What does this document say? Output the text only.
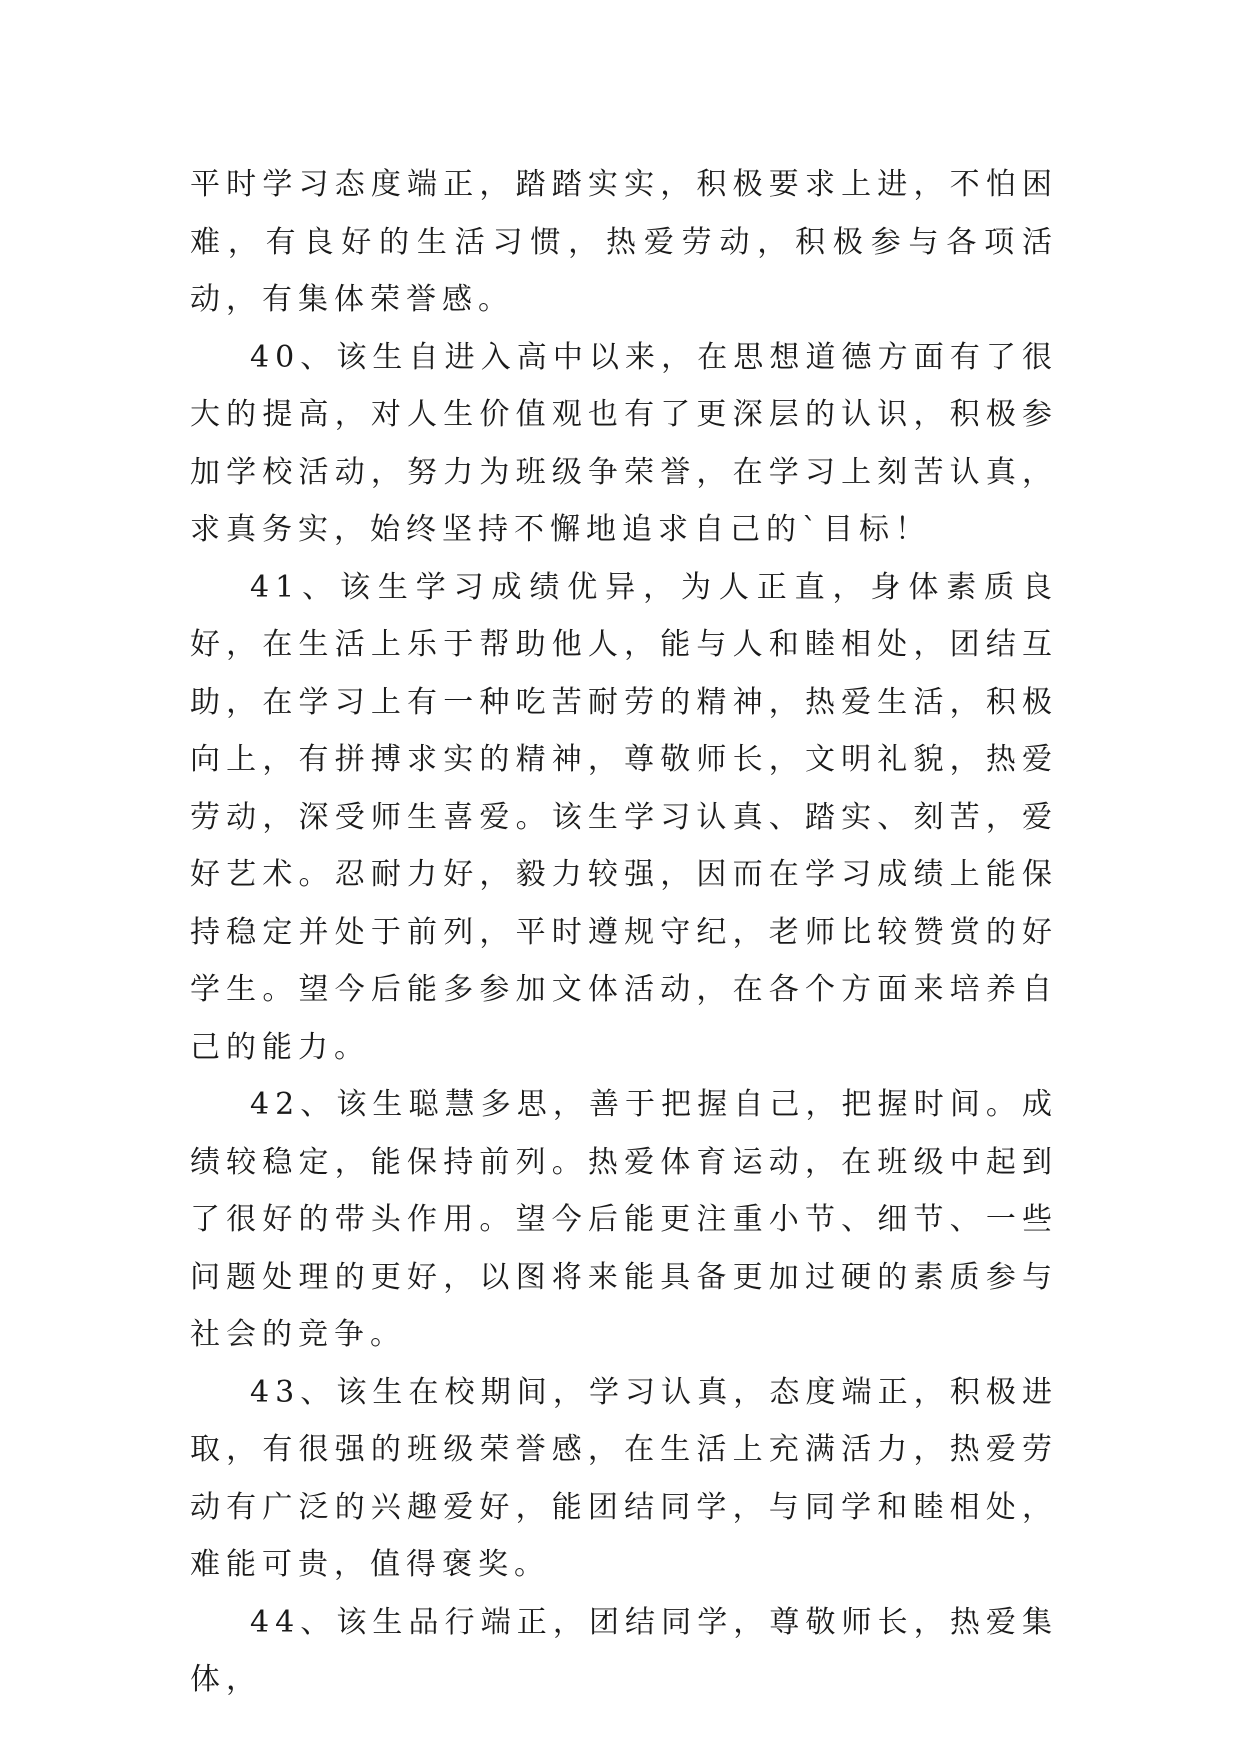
平时学习态度端正，踏踏实实，积极要求上进，不怕困难，有良好的生活习惯，热爱劳动，积极参与各项活动，有集体荣誉感。

40、该生自进入高中以来，在思想道德方面有了很大的提高，对人生价值观也有了更深层的认识，积极参加学校活动，努力为班级争荣誉，在学习上刻苦认真，求真务实，始终坚持不懈地追求自己的`目标！

41、该生学习成绩优异，为人正直，身体素质良好，在生活上乐于帮助他人，能与人和睦相处，团结互助，在学习上有一种吃苦耐劳的精神，热爱生活，积极向上，有拼搏求实的精神，尊敬师长，文明礼貌，热爱劳动，深受师生喜爱。该生学习认真、踏实、刻苦，爱好艺术。忍耐力好，毅力较强，因而在学习成绩上能保持稳定并处于前列，平时遵规守纪，老师比较赞赏的好学生。望今后能多参加文体活动，在各个方面来培养自己的能力。

42、该生聪慧多思，善于把握自己，把握时间。成绩较稳定，能保持前列。热爱体育运动，在班级中起到了很好的带头作用。望今后能更注重小节、细节、一些问题处理的更好，以图将来能具备更加过硬的素质参与社会的竞争。

43、该生在校期间，学习认真，态度端正，积极进取，有很强的班级荣誉感，在生活上充满活力，热爱劳动有广泛的兴趣爱好，能团结同学，与同学和睦相处，难能可贵，值得褒奖。

44、该生品行端正，团结同学，尊敬师长，热爱集体，
